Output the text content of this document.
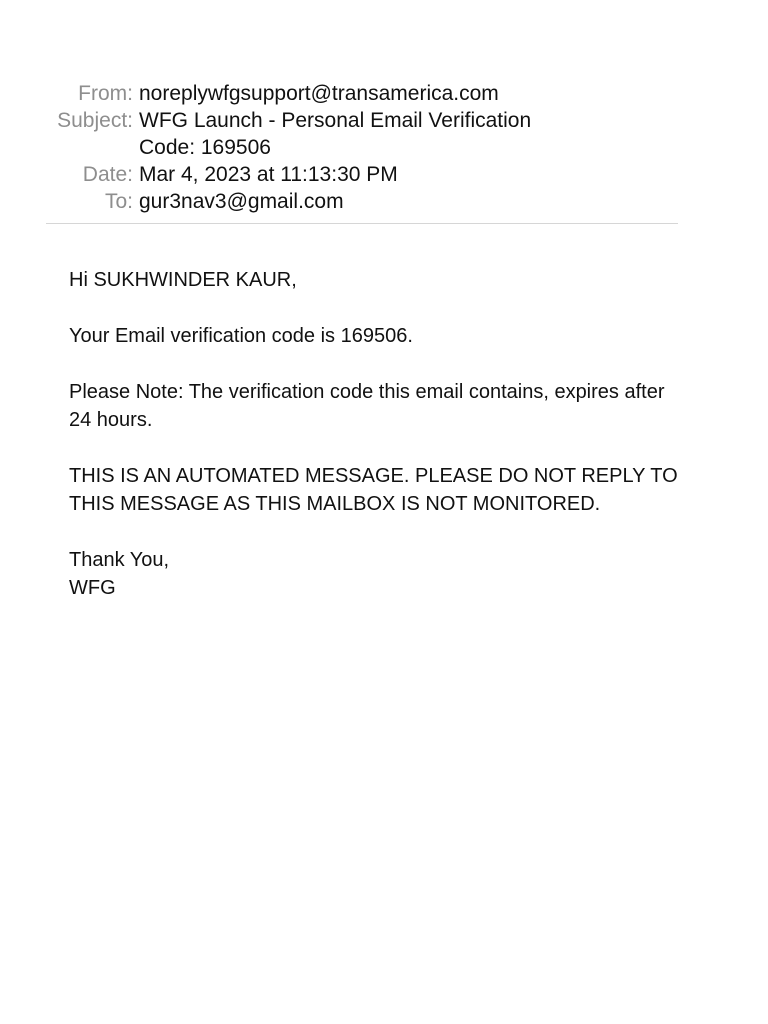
From: noreplywfgsupport@transamerica.com
Subject: WFG Launch - Personal Email Verification Code: 169506
Date: Mar 4, 2023 at 11:13:30 PM
To: gur3nav3@gmail.com

Hi SUKHWINDER KAUR,

Your Email verification code is 169506.

Please Note: The verification code this email contains, expires after 24 hours.

THIS IS AN AUTOMATED MESSAGE. PLEASE DO NOT REPLY TO THIS MESSAGE AS THIS MAILBOX IS NOT MONITORED.

Thank You,
WFG
